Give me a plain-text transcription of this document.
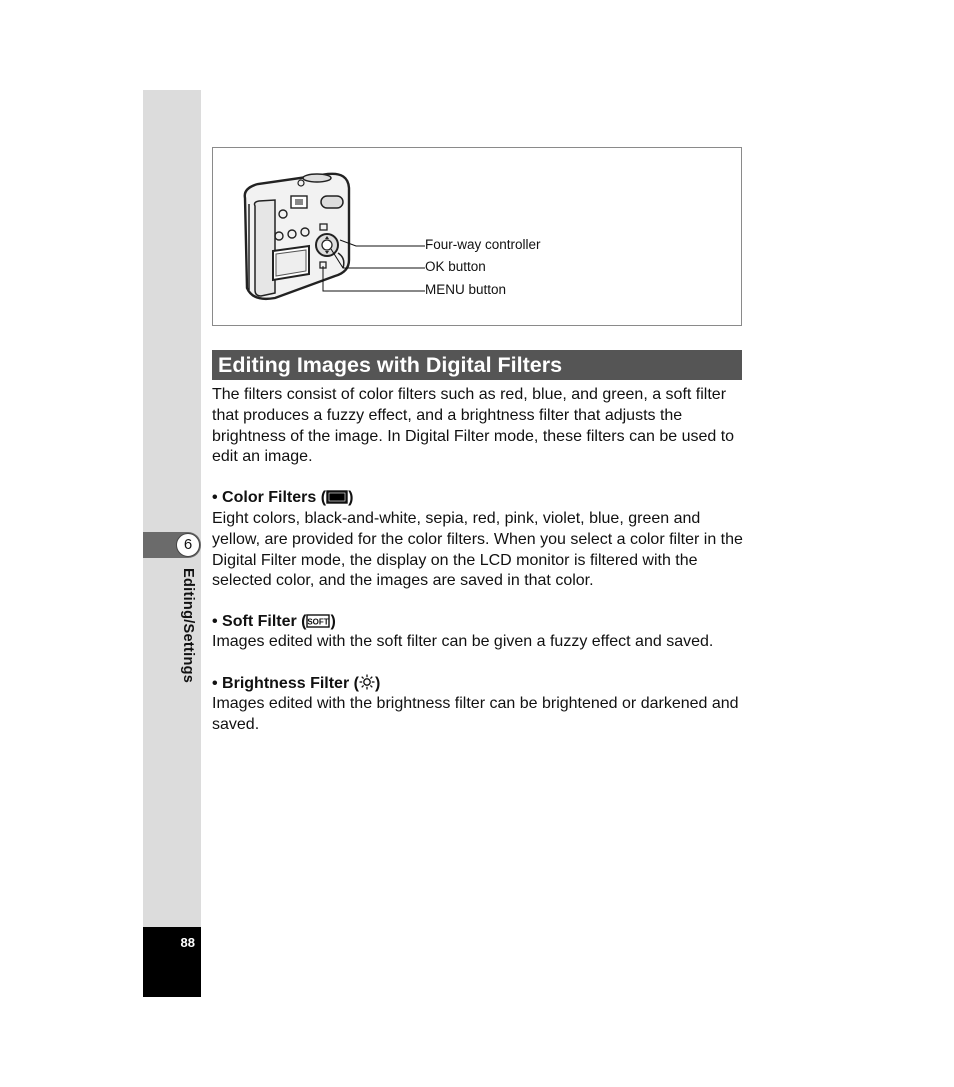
6
Editing/Settings
88
Four-way controller
OK button
MENU button
Editing Images with Digital Filters

The filters consist of color filters such as red, blue, and green, a soft filter that produces a fuzzy effect, and a brightness filter that adjusts the brightness of the image. In Digital Filter mode, these filters can be used to edit an image.

• Color Filters ( )

Eight colors, black-and-white, sepia, red, pink, violet, blue, green and yellow, are provided for the color filters. When you select a color filter in the Digital Filter mode, the display on the LCD monitor is filtered with the selected color, and the images are saved in that color.

• Soft Filter ( SOFT )

Images edited with the soft filter can be given a fuzzy effect and saved.

• Brightness Filter ( )

Images edited with the brightness filter can be brightened or darkened and saved.
